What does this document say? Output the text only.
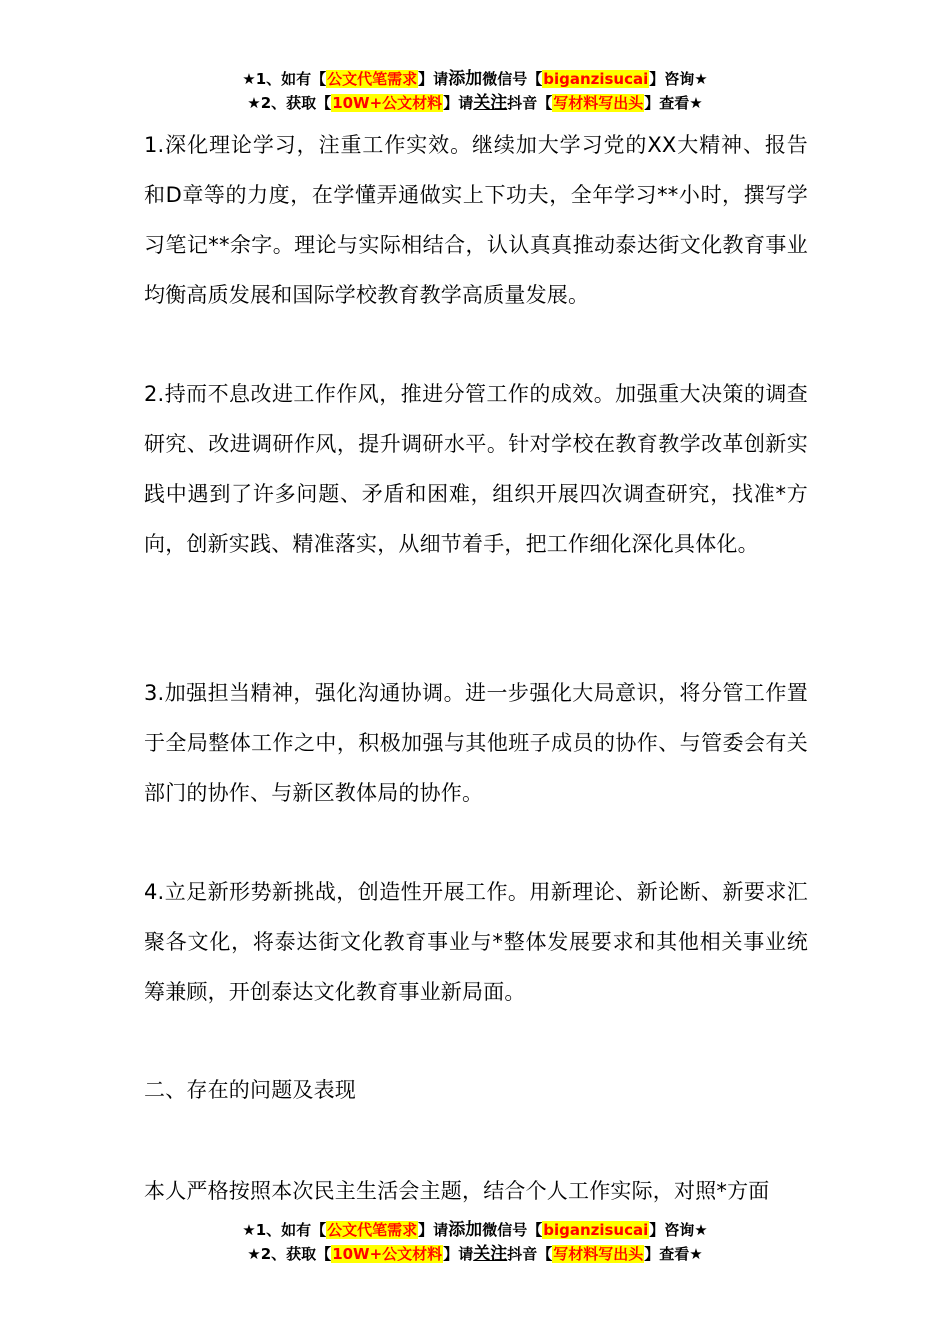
★1、如有【公文代笔需求】请添加微信号【biganzisucai】咨询★
★2、获取【10W+公文材料】请关注抖音【写材料写出头】查看★

1.深化理论学习，注重工作实效。继续加大学习党的XX大精神、报告和D章等的力度，在学懂弄通做实上下功夫，全年学习**小时，撰写学习笔记**余字。理论与实际相结合，认认真真推动泰达街文化教育事业均衡高质发展和国际学校教育教学高质量发展。

2.持而不息改进工作作风，推进分管工作的成效。加强重大决策的调查研究、改进调研作风，提升调研水平。针对学校在教育教学改革创新实践中遇到了许多问题、矛盾和困难，组织开展四次调查研究，找准*方向，创新实践、精准落实，从细节着手，把工作细化深化具体化。

3.加强担当精神，强化沟通协调。进一步强化大局意识，将分管工作置于全局整体工作之中，积极加强与其他班子成员的协作、与管委会有关部门的协作、与新区教体局的协作。

4.立足新形势新挑战，创造性开展工作。用新理论、新论断、新要求汇聚各文化，将泰达街文化教育事业与*整体发展要求和其他相关事业统筹兼顾，开创泰达文化教育事业新局面。

二、存在的问题及表现

本人严格按照本次民主生活会主题，结合个人工作实际，对照*方面

★1、如有【公文代笔需求】请添加微信号【biganzisucai】咨询★
★2、获取【10W+公文材料】请关注抖音【写材料写出头】查看★
